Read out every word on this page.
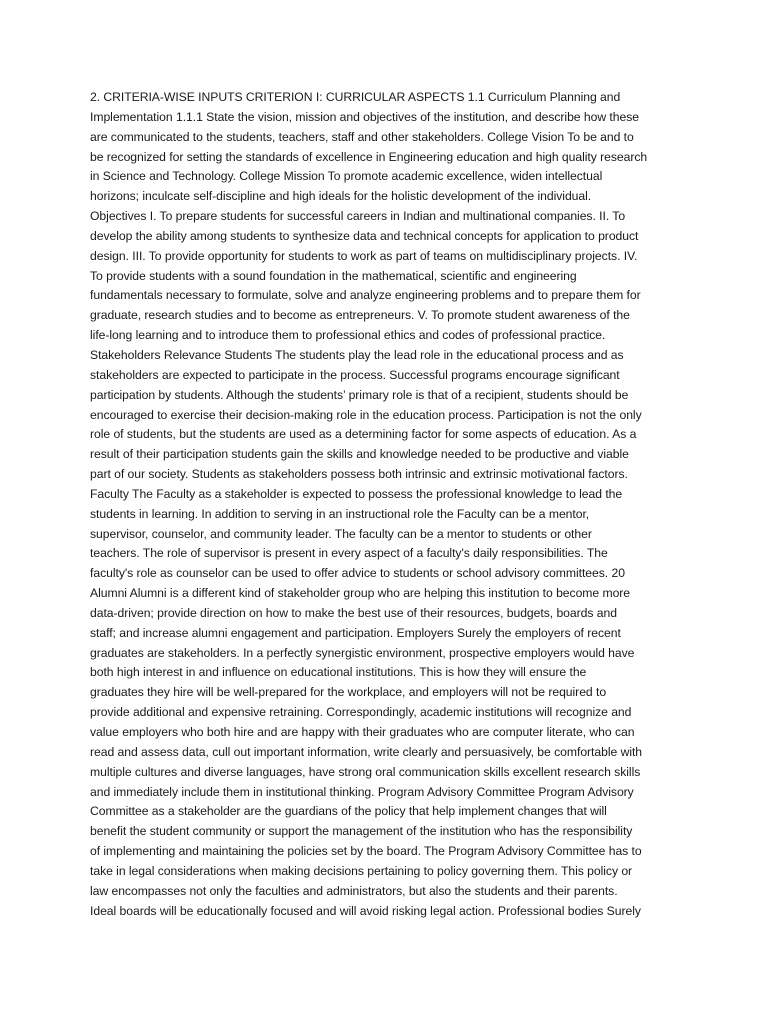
2. CRITERIA-WISE INPUTS CRITERION I: CURRICULAR ASPECTS 1.1 Curriculum Planning and
Implementation 1.1.1 State the vision, mission and objectives of the institution, and describe how these
are communicated to the students, teachers, staff and other stakeholders. College Vision To be and to
be recognized for setting the standards of excellence in Engineering education and high quality research
in Science and Technology. College Mission To promote academic excellence, widen intellectual
horizons; inculcate self-discipline and high ideals for the holistic development of the individual.
Objectives I. To prepare students for successful careers in Indian and multinational companies. II. To
develop the ability among students to synthesize data and technical concepts for application to product
design. III. To provide opportunity for students to work as part of teams on multidisciplinary projects. IV.
To provide students with a sound foundation in the mathematical, scientific and engineering
fundamentals necessary to formulate, solve and analyze engineering problems and to prepare them for
graduate, research studies and to become as entrepreneurs. V. To promote student awareness of the
life-long learning and to introduce them to professional ethics and codes of professional practice.
Stakeholders Relevance Students The students play the lead role in the educational process and as
stakeholders are expected to participate in the process. Successful programs encourage significant
participation by students. Although the students’ primary role is that of a recipient, students should be
encouraged to exercise their decision-making role in the education process. Participation is not the only
role of students, but the students are used as a determining factor for some aspects of education. As a
result of their participation students gain the skills and knowledge needed to be productive and viable
part of our society. Students as stakeholders possess both intrinsic and extrinsic motivational factors.
Faculty The Faculty as a stakeholder is expected to possess the professional knowledge to lead the
students in learning. In addition to serving in an instructional role the Faculty can be a mentor,
supervisor, counselor, and community leader. The faculty can be a mentor to students or other
teachers. The role of supervisor is present in every aspect of a faculty's daily responsibilities. The
faculty's role as counselor can be used to offer advice to students or school advisory committees. 20
Alumni Alumni is a different kind of stakeholder group who are helping this institution to become more
data-driven; provide direction on how to make the best use of their resources, budgets, boards and
staff; and increase alumni engagement and participation. Employers Surely the employers of recent
graduates are stakeholders. In a perfectly synergistic environment, prospective employers would have
both high interest in and influence on educational institutions. This is how they will ensure the
graduates they hire will be well-prepared for the workplace, and employers will not be required to
provide additional and expensive retraining. Correspondingly, academic institutions will recognize and
value employers who both hire and are happy with their graduates who are computer literate, who can
read and assess data, cull out important information, write clearly and persuasively, be comfortable with
multiple cultures and diverse languages, have strong oral communication skills excellent research skills
and immediately include them in institutional thinking. Program Advisory Committee Program Advisory
Committee as a stakeholder are the guardians of the policy that help implement changes that will
benefit the student community or support the management of the institution who has the responsibility
of implementing and maintaining the policies set by the board. The Program Advisory Committee has to
take in legal considerations when making decisions pertaining to policy governing them. This policy or
law encompasses not only the faculties and administrators, but also the students and their parents.
Ideal boards will be educationally focused and will avoid risking legal action. Professional bodies Surely
